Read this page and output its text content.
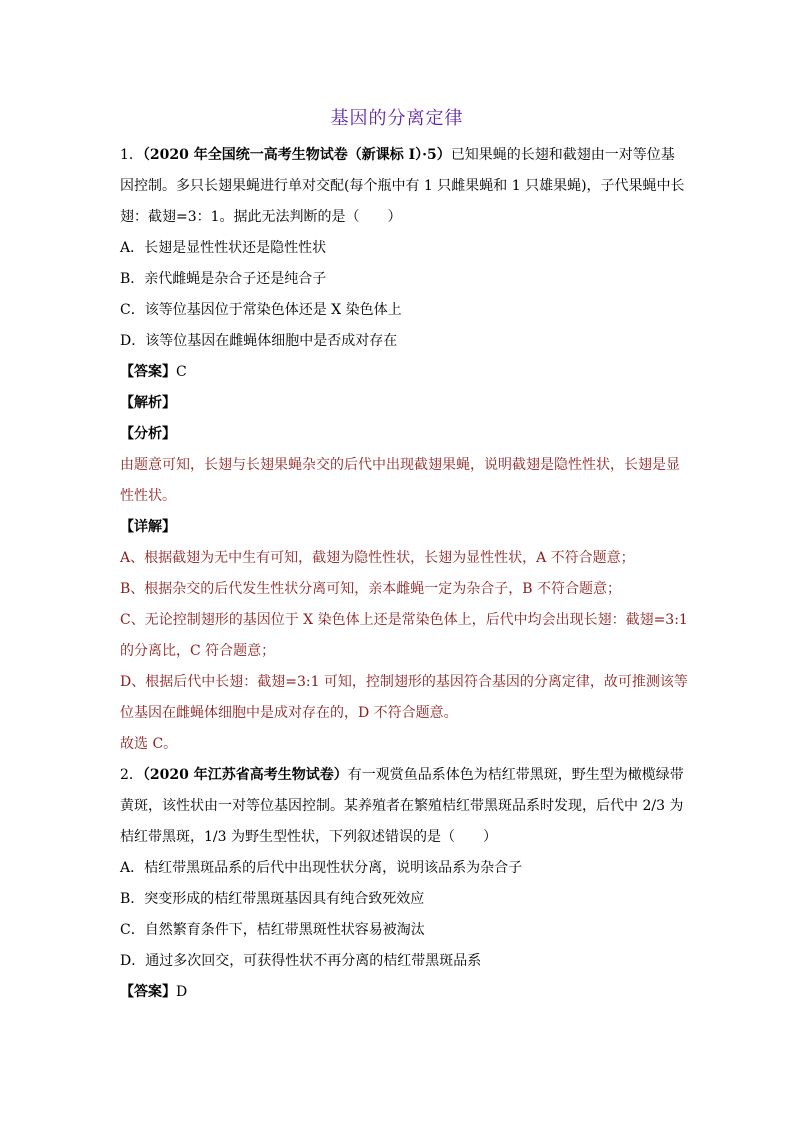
基因的分离定律
1．（2020 年全国统一高考生物试卷（新课标 Ⅰ）·5）已知果蝇的长翅和截翅由一对等位基
因控制。多只长翅果蝇进行单对交配(每个瓶中有 1 只雌果蝇和 1 只雄果蝇)，子代果蝇中长
翅：截翅=3：1。据此无法判断的是（　　）
A．长翅是显性性状还是隐性性状
B．亲代雌蝇是杂合子还是纯合子
C．该等位基因位于常染色体还是 X 染色体上
D．该等位基因在雌蝇体细胞中是否成对存在
【答案】C
【解析】
【分析】
由题意可知，长翅与长翅果蝇杂交的后代中出现截翅果蝇，说明截翅是隐性性状，长翅是显
性性状。
【详解】
A、根据截翅为无中生有可知，截翅为隐性性状，长翅为显性性状，A 不符合题意；
B、根据杂交的后代发生性状分离可知，亲本雌蝇一定为杂合子，B 不符合题意；
C、无论控制翅形的基因位于 X 染色体上还是常染色体上，后代中均会出现长翅：截翅=3:1
的分离比，C 符合题意；
D、根据后代中长翅：截翅=3:1 可知，控制翅形的基因符合基因的分离定律，故可推测该等
位基因在雌蝇体细胞中是成对存在的，D 不符合题意。
故选 C。
2．（2020 年江苏省高考生物试卷）有一观赏鱼品系体色为桔红带黑斑，野生型为橄榄绿带
黄斑，该性状由一对等位基因控制。某养殖者在繁殖桔红带黑斑品系时发现，后代中 2/3 为
桔红带黑斑，1/3 为野生型性状，下列叙述错误的是（　　）
A．桔红带黑斑品系的后代中出现性状分离，说明该品系为杂合子
B．突变形成的桔红带黑斑基因具有纯合致死效应
C．自然繁育条件下，桔红带黑斑性状容易被淘汰
D．通过多次回交，可获得性状不再分离的桔红带黑斑品系
【答案】D
